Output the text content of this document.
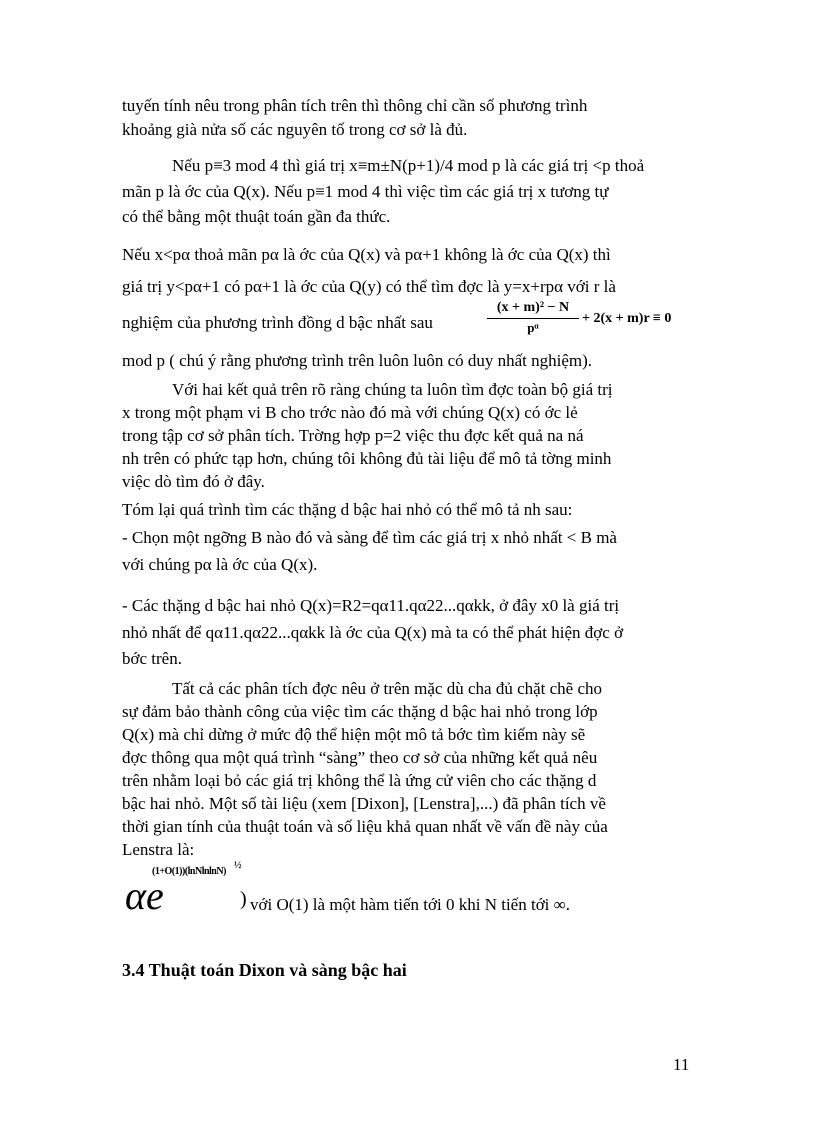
tuyến tính nêu trong phân tích trên thì thông chỉ cần số phương trình
khoảng già nửa số các nguyên tố trong cơ sở là đủ.
Nếu p≡3 mod 4 thì giá trị x≡m±N(p+1)/4 mod p là các giá trị <p thoả
mãn p là ớc của Q(x). Nếu p≡1 mod 4 thì việc tìm các giá trị x tương tự
có thể bằng một thuật toán gần đa thức.
Nếu x<pα thoả mãn pα là ớc của Q(x) và pα+1 không là ớc của Q(x) thì
giá trị y<pα+1 có pα+1 là ớc của Q(y) có thể tìm đợc là y=x+rpα với r là
nghiệm của phương trình đồng d bậc nhất sau	$\frac{\text{(x + m)² − N}}{\text{pᵅ}} + 2(x + m)r \equiv 0$
mod p ( chú ý rằng phương trình trên luôn luôn có duy nhất nghiệm).
Với hai kết quả trên rõ ràng chúng ta luôn tìm đợc toàn bộ giá trị
x trong một phạm vi B cho trớc nào đó mà với chúng Q(x) có ớc lẻ
trong tập cơ sở phân tích. Trờng hợp p=2 việc thu đợc kết quả na ná
nh trên có phức tạp hơn, chúng tôi không đủ tài liệu để mô tả tờng minh
việc dò tìm đó ở đây.
Tóm lại quá trình tìm các thặng d bậc hai nhỏ có thể mô tả nh sau:
- Chọn một ngỡng B nào đó và sàng để tìm các giá trị x nhỏ nhất < B mà
với chúng pα là ớc của Q(x).
- Các thặng d bậc hai nhỏ Q(x)=R2=qα11.qα22...qαkk, ở đây x0 là giá trị
nhỏ nhất để qα11.qα22...qαkk là ớc của Q(x) mà ta có thể phát hiện đợc ở
bớc trên.
Tất cả các phân tích đợc nêu ở trên mặc dù cha đủ chặt chẽ cho
sự đảm bảo thành công của việc tìm các thặng d bậc hai nhỏ trong lớp
Q(x) mà chỉ dừng ở mức độ thể hiện một mô tả bớc tìm kiếm này sẽ
đợc thông qua một quá trình “sàng” theo cơ sở của những kết quả nêu
trên nhằm loại bỏ các giá trị không thể là ứng cử viên cho các thặng d
bậc hai nhỏ. Một số tài liệu (xem [Dixon], [Lenstra],...) đã phân tích về
thời gian tính của thuật toán và số liệu khả quan nhất về vấn đề này của
Lenstra là:
αe
(1+O(1))(lnNlnlnN)
½
) với O(1) là một hàm tiến tới 0 khi N tiến tới ∞.
3.4 Thuật toán Dixon và sàng bậc hai
11
